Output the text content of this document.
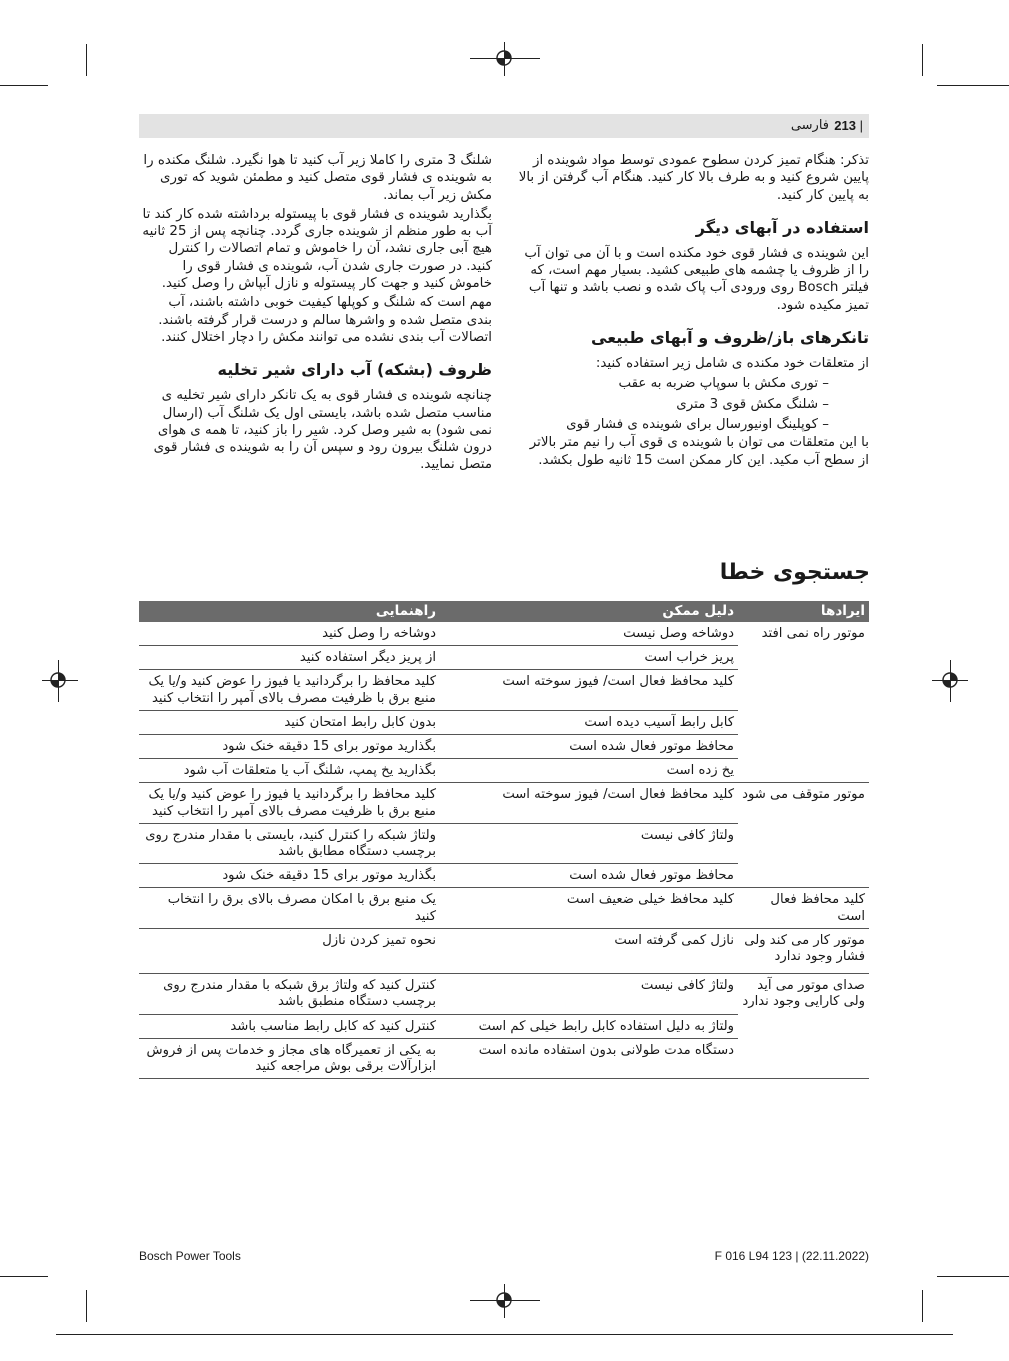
213 |
فارسی

تذکر: هنگام تمیز کردن سطوح عمودی توسط مواد شوینده از پایین شروع کنید و به طرف بالا کار کنید. هنگام آب گرفتن از بالا به پایین کار کنید.

استفاده در آبهای دیگر

این شوینده ی فشار قوی خود مکنده است و با آن می توان آب را از ظروف یا چشمه های طبیعی کشید. بسیار مهم است، که فیلتر Bosch روی ورودی آب پاک شده و نصب باشد و تنها آب تمیز مکیده شود.

تانکرهای باز/ظروف و آبهای طبیعی

از متعلقات خود مکنده ی شامل زیر استفاده کنید:

– توری مکش با سوپاپ ضربه به عقب
– شلنگ مکش قوی 3 متری
– کوپلینگ اونیورسال برای شوینده ی فشار قوی

با این متعلقات می توان با شوینده ی قوی آب را نیم متر بالاتر از سطح آب مکید. این کار ممکن است 15 ثانیه طول بکشد.

شلنگ 3 متری را کاملا زیر آب کنید تا هوا نگیرد. شلنگ مکنده را به شوینده ی فشار قوی متصل کنید و مطمئن شوید که توری مکش زیر آب بماند.

بگذارید شوینده ی فشار قوی با پیستوله برداشته شده کار کند تا آب به طور منظم از شوینده جاری گردد. چنانچه پس از 25 ثانیه هیچ آبی جاری نشد، آن را خاموش و تمام اتصالات را کنترل کنید. در صورت جاری شدن آب، شوینده ی فشار قوی را خاموش کنید و جهت کار پیستوله و نازل آبپاش را وصل کنید.

مهم است که شلنگ و کوپلها کیفیت خوبی داشته باشند، آب بندی متصل شده و واشرها سالم و درست قرار گرفته باشند. اتصالات آب بندی نشده می توانند مکش را دچار اختلال کنند.

ظروف (بشکه) آب دارای شیر تخلیه

چنانچه شوینده ی فشار قوی به یک تانکر دارای شیر تخلیه ی مناسب متصل شده باشد، بایستی اول یک شلنگ آب (ارسال نمی شود) به شیر وصل کرد. شیر را باز کنید، تا همه ی هوای درون شلنگ بیرون رود و سپس آن را به شوینده ی فشار قوی متصل نمایید.

جستجوی خطا
ایرادها	دلیل ممکن	راهنمایی
موتور راه نمی افتد	دوشاخه وصل نیست	دوشاخه را وصل کنید
	پریز خراب است	از پریز دیگر استفاده کنید
	کلید محافظ فعال است/ فیوز سوخته است	کلید محافظ را برگردانید یا فیوز را عوض کنید و/یا یک منبع برق با ظرفیت مصرف بالای آمپر را انتخاب کنید
	کابل رابط آسیب دیده است	بدون کابل رابط امتحان کنید
	محافظ موتور فعال شده است	بگذارید موتور برای 15 دقیقه خنک شود
	یخ زده است	بگذارید یخ پمپ، شلنگ آب یا متعلقات آب شود
موتور متوقف می شود	کلید محافظ فعال است/ فیوز سوخته است	کلید محافظ را برگردانید یا فیوز را عوض کنید و/یا یک منبع برق با ظرفیت مصرف بالای آمپر را انتخاب کنید
	ولتاژ کافی نیست	ولتاژ شبکه را کنترل کنید، بایستی با مقدار مندرج روی برچسب دستگاه مطابق باشد
	محافظ موتور فعال شده است	بگذارید موتور برای 15 دقیقه خنک شود
کلید محافظ فعال است	کلید محافظ خیلی ضعیف است	یک منبع برق با امکان مصرف بالای برق را انتخاب کنید
موتور کار می کند ولی فشار وجود ندارد	نازل کمی گرفته است	نحوه تمیز کردن نازل
صدای موتور می آید ولی کارایی وجود ندارد	ولتاژ کافی نیست	کنترل کنید که ولتاژ برق شبکه با مقدار مندرج روی برچسب دستگاه منطبق باشد
	ولتاژ به دلیل استفاده کابل رابط خیلی کم است	کنترل کنید که کابل رابط مناسب باشد
	دستگاه مدت طولانی بدون استفاده مانده است	به یکی از تعمیرگاه های مجاز و خدمات پس از فروش ابزارآلات برقی بوش مراجعه کنید
Bosch Power Tools	F 016 L94 123 | (22.11.2022)
